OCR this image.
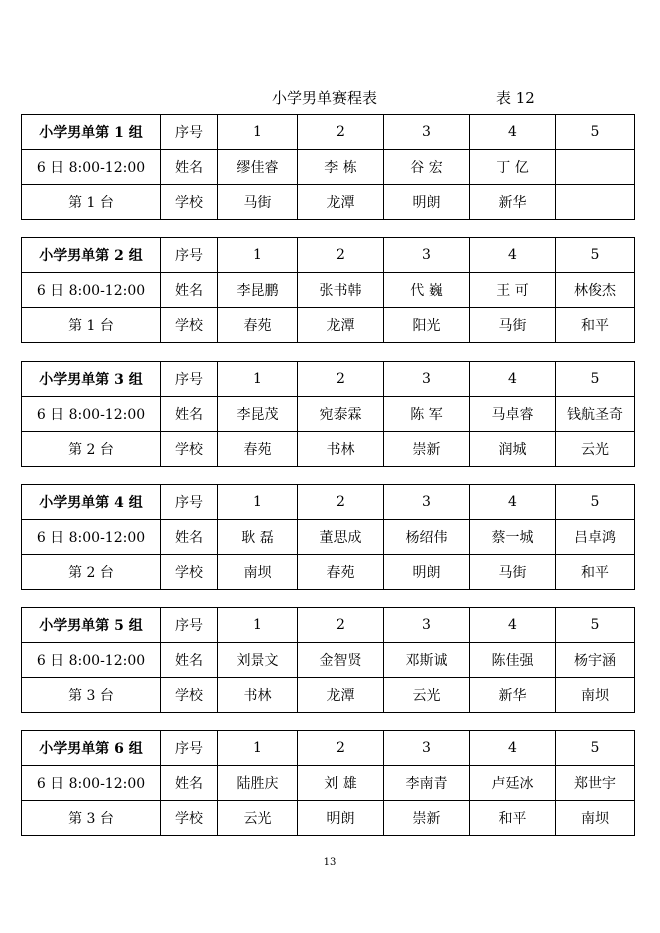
小学男单赛程表	表 12
小学男单第 1 组	序号	1	2	3	4	5
6 日 8:00-12:00	姓名	缪佳睿	李 栋	谷 宏	丁 亿	
第 1 台	学校	马街	龙潭	明朗	新华	
小学男单第 2 组	序号	1	2	3	4	5
6 日 8:00-12:00	姓名	李昆鹏	张书韩	代 巍	王 可	林俊杰
第 1 台	学校	春苑	龙潭	阳光	马街	和平
小学男单第 3 组	序号	1	2	3	4	5
6 日 8:00-12:00	姓名	李昆茂	宛泰霖	陈 军	马卓睿	钱航圣奇
第 2 台	学校	春苑	书林	崇新	润城	云光
小学男单第 4 组	序号	1	2	3	4	5
6 日 8:00-12:00	姓名	耿 磊	董思成	杨绍伟	蔡一城	吕卓鸿
第 2 台	学校	南坝	春苑	明朗	马街	和平
小学男单第 5 组	序号	1	2	3	4	5
6 日 8:00-12:00	姓名	刘景文	金智贤	邓斯诚	陈佳强	杨宇涵
第 3 台	学校	书林	龙潭	云光	新华	南坝
小学男单第 6 组	序号	1	2	3	4	5
6 日 8:00-12:00	姓名	陆胜庆	刘 雄	李南青	卢廷冰	郑世宇
第 3 台	学校	云光	明朗	崇新	和平	南坝
13
